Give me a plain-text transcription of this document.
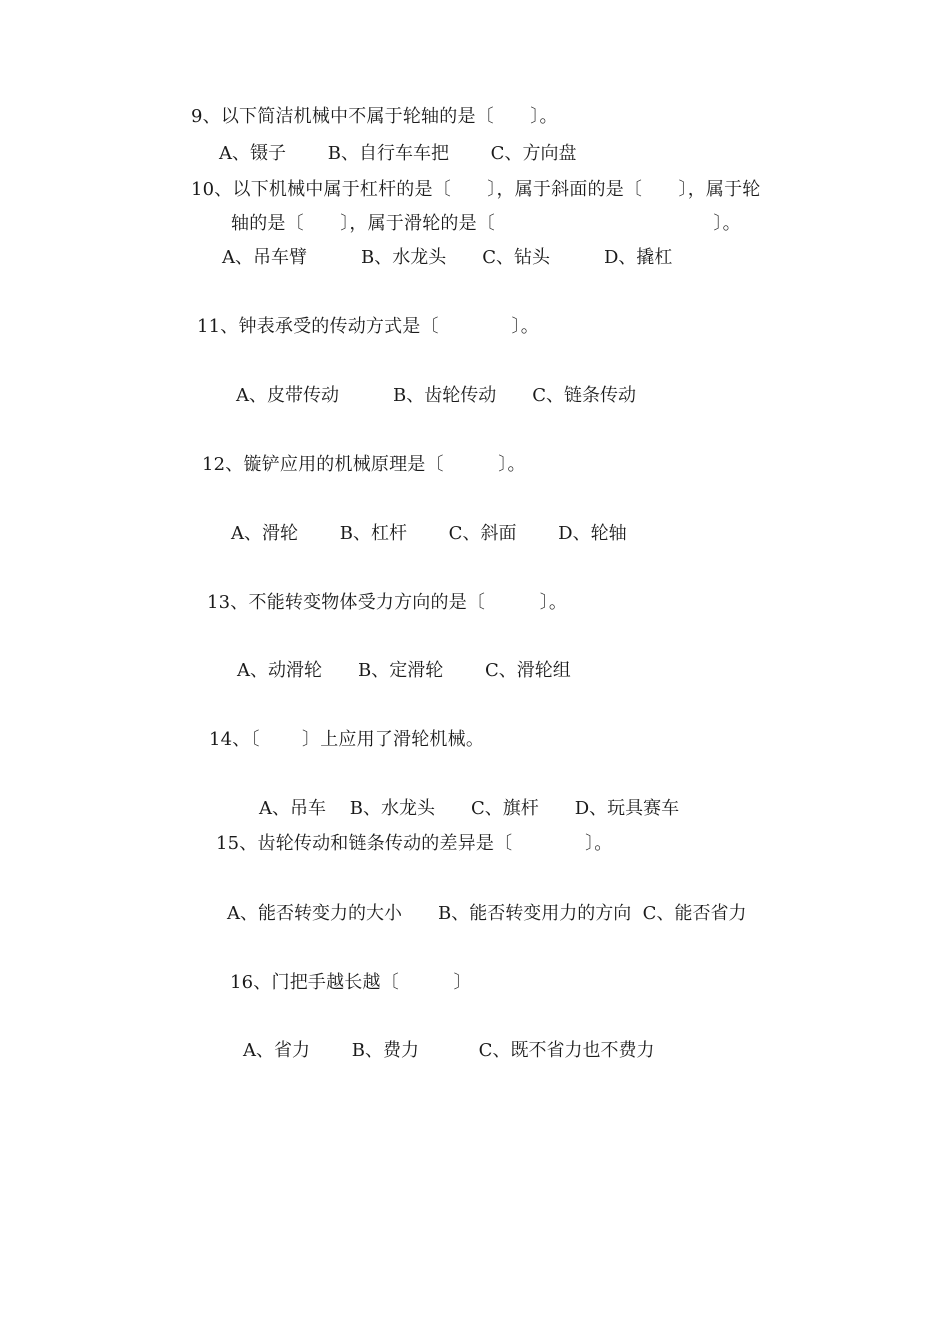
9、以下简洁机械中不属于轮轴的是〔　　〕。
A、镊子　　 B、自行车车把　　 C、方向盘
10、以下机械中属于杠杆的是〔　　〕，属于斜面的是〔　　〕，属于轮
轴的是〔　　〕，属于滑轮的是〔　　　　　　　　　　　　〕。
A、吊车臂　　　B、水龙头　　C、钻头　　　D、撬杠
11、钟表承受的传动方式是〔　　　　〕。
A、皮带传动　　　B、齿轮传动　　C、链条传动
12、镟铲应用的机械原理是〔　　　〕。
A、滑轮　　 B、杠杆　　 C、斜面　　 D、轮轴
13、不能转变物体受力方向的是〔　　　〕。
A、动滑轮　　B、定滑轮　　 C、滑轮组
14、〔　　 〕上应用了滑轮机械。
A、吊车　 B、水龙头　　C、旗杆　　D、玩具赛车
15、齿轮传动和链条传动的差异是〔　　　　〕。
A、能否转变力的大小　　B、能否转变用力的方向  C、能否省力
16、门把手越长越〔　　　〕
A、省力　　 B、费力　　　 C、既不省力也不费力
